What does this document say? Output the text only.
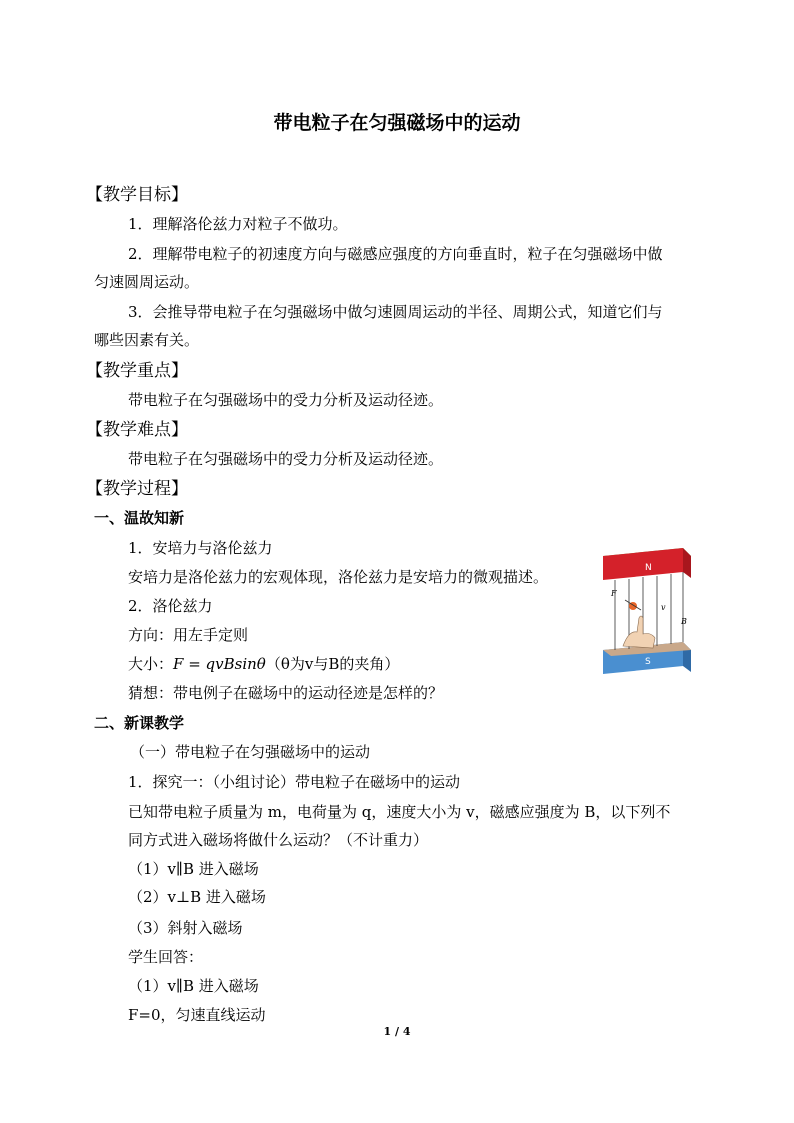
带电粒子在匀强磁场中的运动
【教学目标】
1．理解洛伦兹力对粒子不做功。
2．理解带电粒子的初速度方向与磁感应强度的方向垂直时，粒子在匀强磁场中做
匀速圆周运动。
3．会推导带电粒子在匀强磁场中做匀速圆周运动的半径、周期公式，知道它们与
哪些因素有关。
【教学重点】
带电粒子在匀强磁场中的受力分析及运动径迹。
【教学难点】
带电粒子在匀强磁场中的受力分析及运动径迹。
【教学过程】
一、温故知新
1．安培力与洛伦兹力
安培力是洛伦兹力的宏观体现，洛伦兹力是安培力的微观描述。
2．洛伦兹力
方向：用左手定则
大小：F = qvBsinθ（θ为v与B的夹角）
猜想：带电例子在磁场中的运动径迹是怎样的？
N
S
F
v
B
二、新课教学
（一）带电粒子在匀强磁场中的运动
1．探究一：（小组讨论）带电粒子在磁场中的运动
已知带电粒子质量为 m，电荷量为 q，速度大小为 v，磁感应强度为 B，以下列不
同方式进入磁场将做什么运动？（不计重力）
（1）v∥B 进入磁场
（2）v⊥B 进入磁场
（3）斜射入磁场
学生回答：
（1）v∥B 进入磁场
F=0，匀速直线运动
1 / 4
